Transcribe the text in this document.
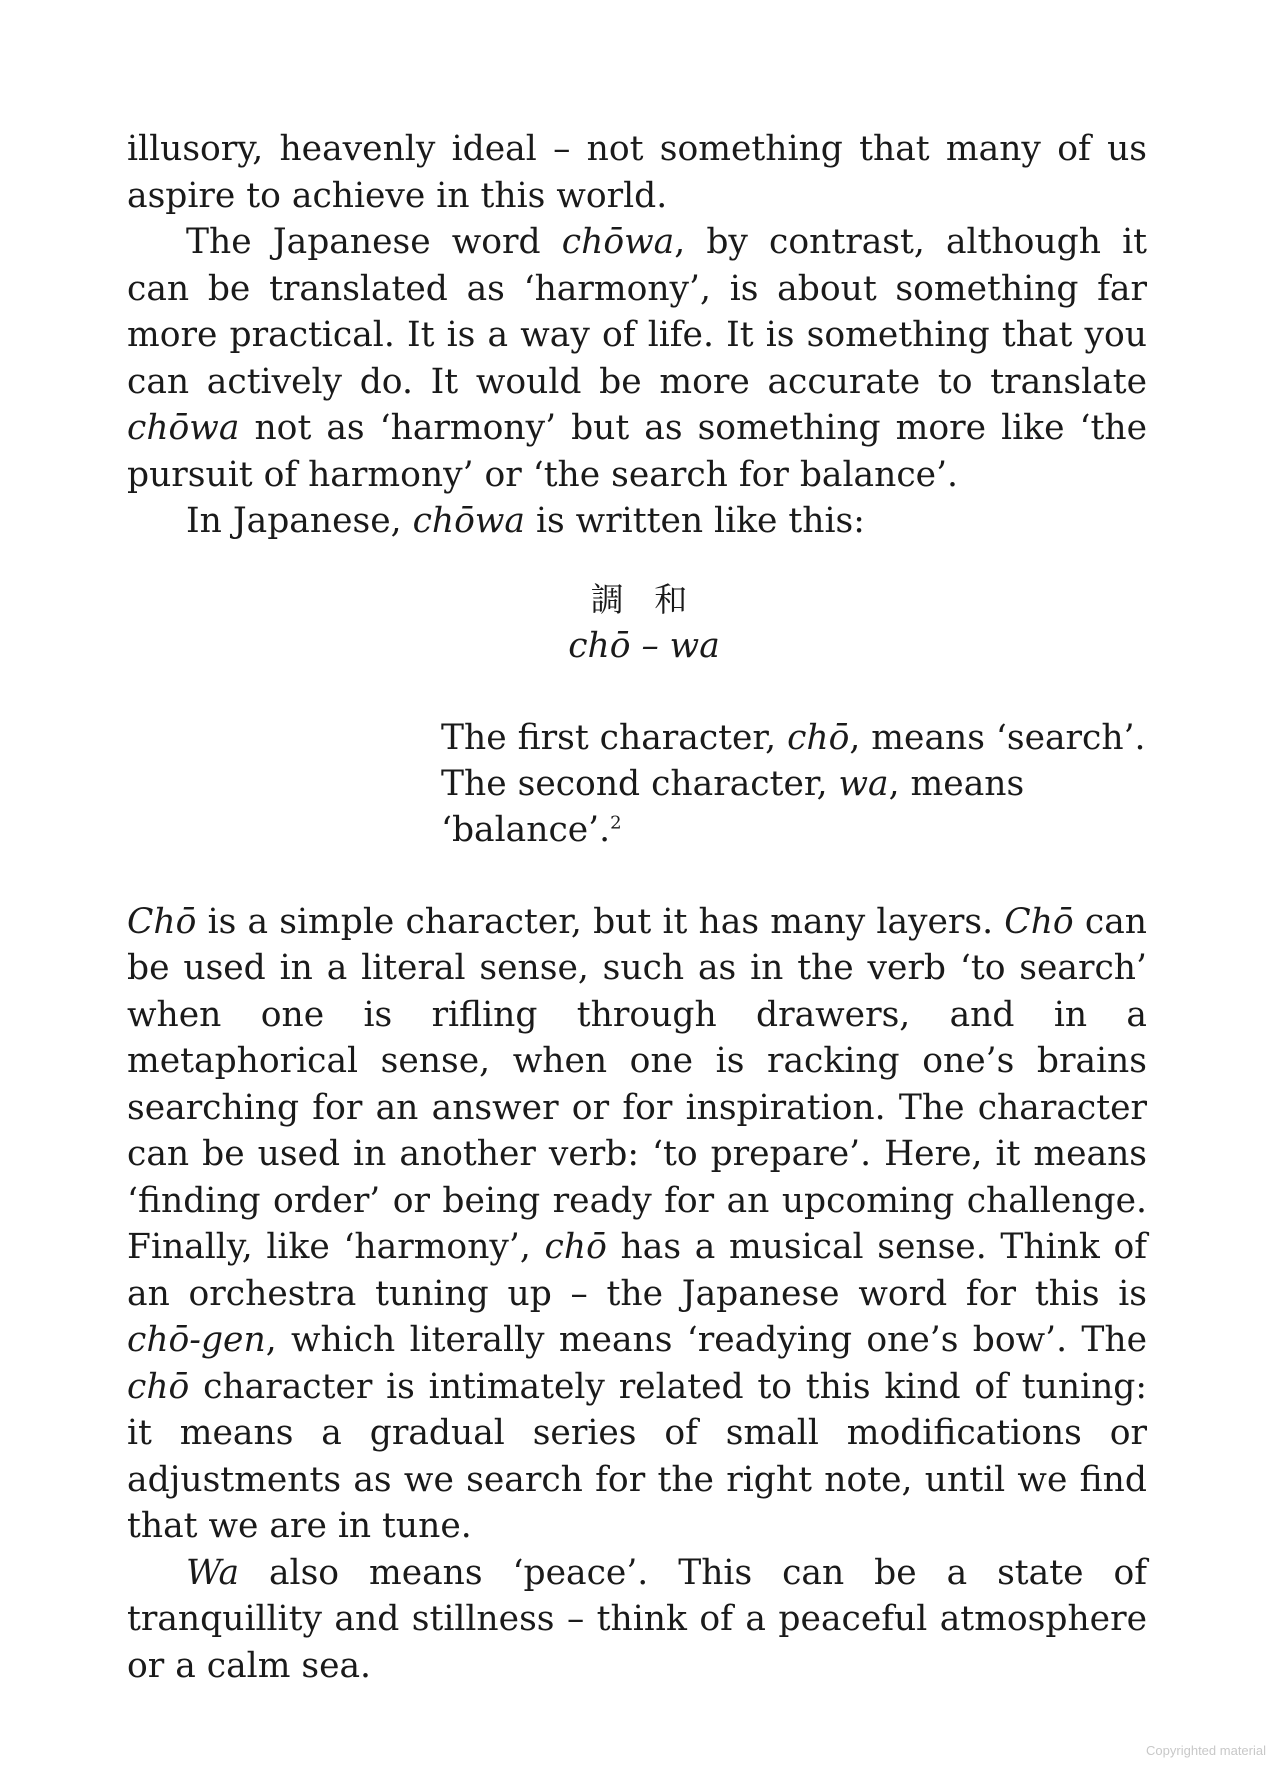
illusory, heavenly ideal – not something that many of us aspire to achieve in this world.

The Japanese word chōwa, by contrast, although it can be translated as ‘harmony’, is about something far more practical. It is a way of life. It is something that you can actively do. It would be more accurate to translate chōwa not as ‘harmony’ but as something more like ‘the pursuit of harmony’ or ‘the search for balance’.

In Japanese, chōwa is written like this:

調 和
chō – wa
The first character, chō, means ‘search’.
The second character, wa, means
‘balance’.$^2$

Chō is a simple character, but it has many layers. Chō can be used in a literal sense, such as in the verb ‘to search’ when one is rifling through drawers, and in a metaphorical sense, when one is racking one’s brains searching for an answer or for inspiration. The character can be used in another verb: ‘to prepare’. Here, it means ‘finding order’ or being ready for an upcoming challenge. Finally, like ‘harmony’, chō has a musical sense. Think of an orchestra tuning up – the Japanese word for this is chō-gen, which literally means ‘readying one’s bow’. The chō character is intimately related to this kind of tuning: it means a gradual series of small modifications or adjustments as we search for the right note, until we find that we are in tune.

Wa also means ‘peace’. This can be a state of tranquillity and stillness – think of a peaceful atmosphere or a calm sea.

Copyrighted material
